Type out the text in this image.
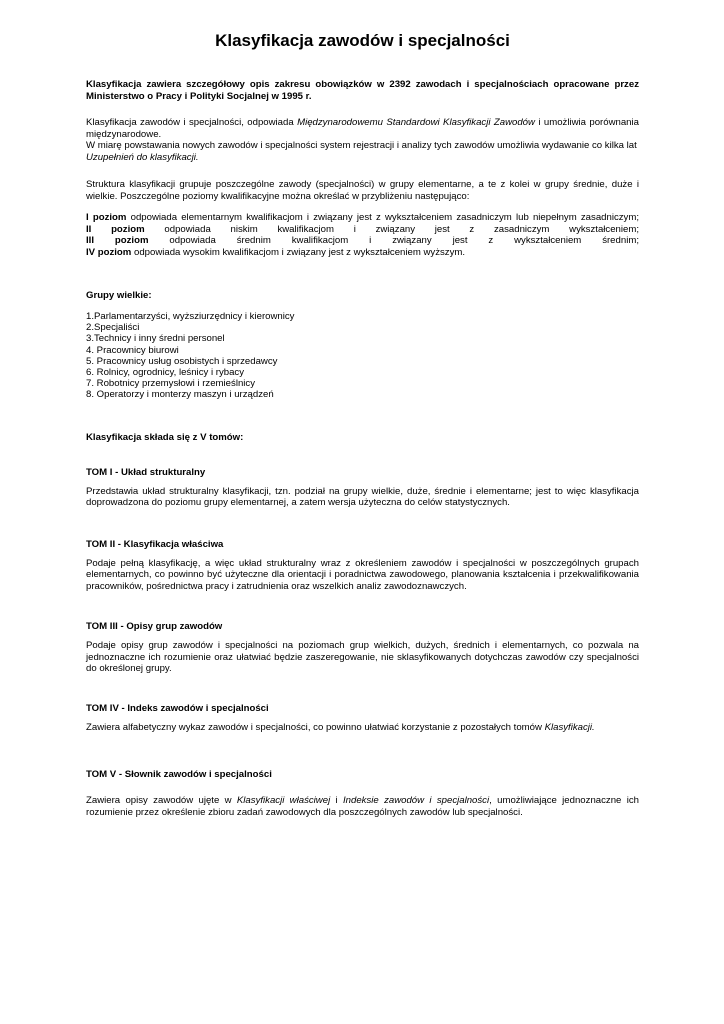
Klasyfikacja zawodów i specjalności

Klasyfikacja zawiera szczegółowy opis zakresu obowiązków w 2392 zawodach i specjalnościach opracowane przez Ministerstwo o Pracy i Polityki Socjalnej w 1995 r.

Klasyfikacja zawodów i specjalności, odpowiada Międzynarodowemu Standardowi Klasyfikacji Zawodów i umożliwia porównania międzynarodowe.

W miarę powstawania nowych zawodów i specjalności system rejestracji i analizy tych zawodów umożliwia wydawanie co kilka lat Uzupełnień do klasyfikacji.

Struktura klasyfikacji grupuje poszczególne zawody (specjalności) w grupy elementarne, a te z kolei w grupy średnie, duże i wielkie. Poszczególne poziomy kwalifikacyjne można określać w przybliżeniu następująco:

I poziom odpowiada elementarnym kwalifikacjom i związany jest z wykształceniem zasadniczym lub niepełnym zasadniczym;

II poziom odpowiada niskim kwalifikacjom i związany jest z zasadniczym wykształceniem;

III poziom odpowiada średnim kwalifikacjom i związany jest z wykształceniem średnim;

IV poziom odpowiada wysokim kwalifikacjom i związany jest z wykształceniem wyższym.

Grupy wielkie:

1.Parlamentarzyści, wyższiurzędnicy i kierownicy
2.Specjaliści
3.Technicy i inny średni personel
4. Pracownicy biurowi
5. Pracownicy usług osobistych i sprzedawcy
6. Rolnicy, ogrodnicy, leśnicy i rybacy
7. Robotnicy przemysłowi i rzemieślnicy
8. Operatorzy i monterzy maszyn i urządzeń

Klasyfikacja składa się z V tomów:

TOM I - Układ strukturalny

Przedstawia układ strukturalny klasyfikacji, tzn. podział na grupy wielkie, duże, średnie i elementarne; jest to więc klasyfikacja doprowadzona do poziomu grupy elementarnej, a zatem wersja użyteczna do celów statystycznych.

TOM II - Klasyfikacja właściwa

Podaje pełną klasyfikację, a więc układ strukturalny wraz z określeniem zawodów i specjalności w poszczególnych grupach elementarnych, co powinno być użyteczne dla orientacji i poradnictwa zawodowego, planowania kształcenia i przekwalifikowania pracowników, pośrednictwa pracy i zatrudnienia oraz wszelkich analiz zawodoznawczych.

TOM III - Opisy grup zawodów

Podaje opisy grup zawodów i specjalności na poziomach grup wielkich, dużych, średnich i elementarnych, co pozwala na jednoznaczne ich rozumienie oraz ułatwiać będzie zaszeregowanie, nie sklasyfikowanych dotychczas zawodów czy specjalności do określonej grupy.

TOM IV - Indeks zawodów i specjalności

Zawiera alfabetyczny wykaz zawodów i specjalności, co powinno ułatwiać korzystanie z pozostałych tomów Klasyfikacji.

TOM V - Słownik zawodów i specjalności

Zawiera opisy zawodów ujęte w Klasyfikacji właściwej i Indeksie zawodów i specjalności, umożliwiające jednoznaczne ich rozumienie przez określenie zbioru zadań zawodowych dla poszczególnych zawodów lub specjalności.
